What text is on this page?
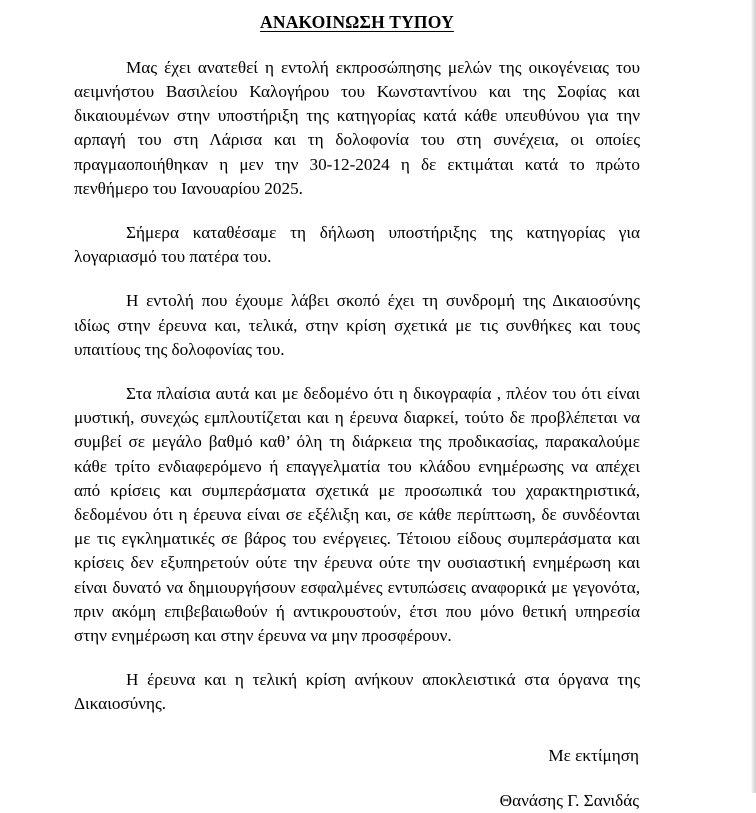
ΑΝΑΚΟΙΝΩΣΗ ΤΥΠΟΥ

Μας έχει ανατεθεί η εντολή εκπροσώπησης μελών της οικογένειας του αειμνήστου Βασιλείου Καλογήρου του Κωνσταντίνου και της Σοφίας και δικαιουμένων στην υποστήριξη της κατηγορίας κατά κάθε υπευθύνου για την αρπαγή του στη Λάρισα και τη δολοφονία του στη συνέχεια, οι οποίες πραγμαοποιήθηκαν η μεν την 30-12-2024 η δε εκτιμάται κατά το πρώτο πενθήμερο του Ιανουαρίου 2025.

Σήμερα καταθέσαμε τη δήλωση υποστήριξης της κατηγορίας για λογαριασμό του πατέρα του.

Η εντολή που έχουμε λάβει σκοπό έχει τη συνδρομή της Δικαιοσύνης ιδίως στην έρευνα και, τελικά, στην κρίση σχετικά με τις συνθήκες και τους υπαιτίους της δολοφονίας του.

Στα πλαίσια αυτά και με δεδομένο ότι η δικογραφία , πλέον του ότι είναι μυστική, συνεχώς εμπλουτίζεται και η έρευνα διαρκεί, τούτο δε προβλέπεται να συμβεί σε μεγάλο βαθμό καθ’ όλη τη διάρκεια της προδικασίας, παρακαλούμε κάθε τρίτο ενδιαφερόμενο ή επαγγελματία του κλάδου ενημέρωσης να απέχει από κρίσεις και συμπεράσματα σχετικά με προσωπικά του χαρακτηριστικά, δεδομένου ότι η έρευνα είναι σε εξέλιξη και, σε κάθε περίπτωση, δε συνδέονται με τις εγκληματικές σε βάρος του ενέργειες. Τέτοιου είδους συμπεράσματα και κρίσεις δεν εξυπηρετούν ούτε την έρευνα ούτε την ουσιαστική ενημέρωση και είναι δυνατό να δημιουργήσουν εσφαλμένες εντυπώσεις αναφορικά με γεγονότα, πριν ακόμη επιβεβαιωθούν ή αντικρουστούν, έτσι που μόνο θετική υπηρεσία στην ενημέρωση και στην έρευνα να μην προσφέρουν.

Η έρευνα και η τελική κρίση ανήκουν αποκλειστικά στα όργανα της Δικαιοσύνης.

Με εκτίμηση

Θανάσης Γ. Σανιδάς
